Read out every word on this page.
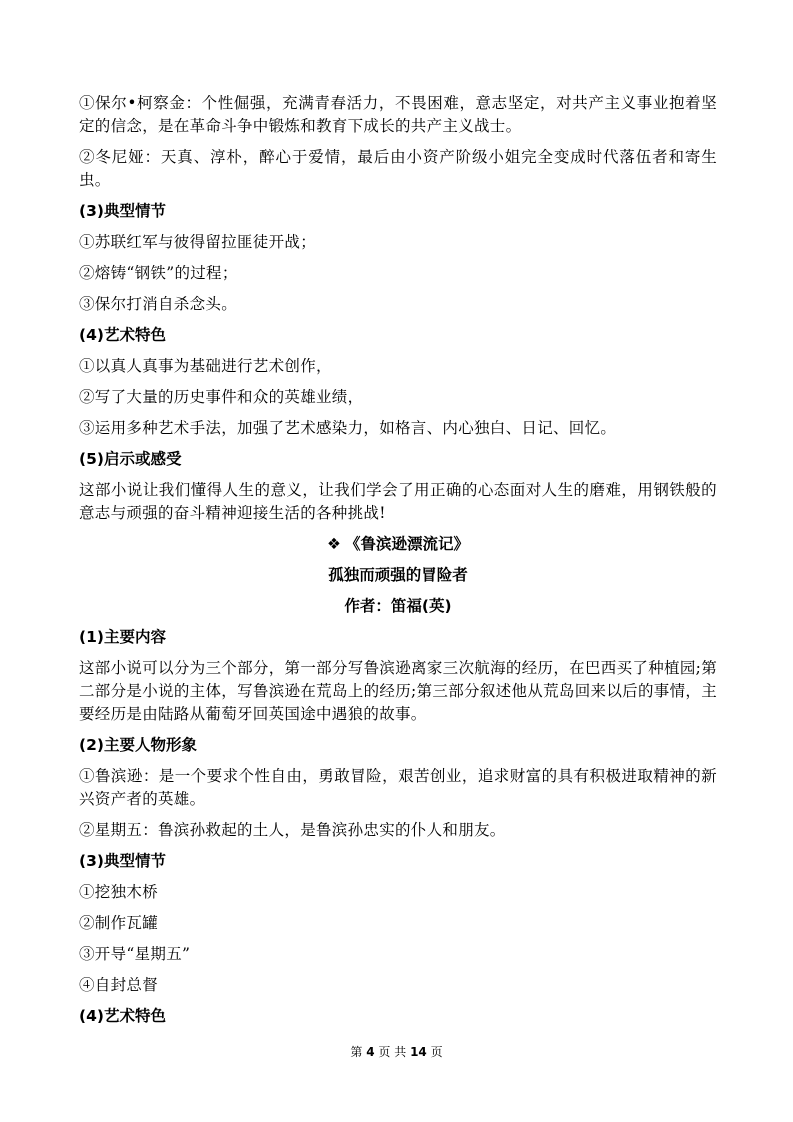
①保尔•柯察金：个性倔强，充满青春活力，不畏困难，意志坚定，对共产主义事业抱着坚定的信念，是在革命斗争中锻炼和教育下成长的共产主义战士。

②冬尼娅：天真、淳朴，醉心于爱情，最后由小资产阶级小姐完全变成时代落伍者和寄生虫。

(3)典型情节

①苏联红军与彼得留拉匪徒开战；

②熔铸“钢铁”的过程；

③保尔打消自杀念头。

(4)艺术特色

①以真人真事为基础进行艺术创作，

②写了大量的历史事件和众的英雄业绩，

③运用多种艺术手法，加强了艺术感染力，如格言、内心独白、日记、回忆。

(5)启示或感受

这部小说让我们懂得人生的意义，让我们学会了用正确的心态面对人生的磨难，用钢铁般的意志与顽强的奋斗精神迎接生活的各种挑战!

❖ 《鲁滨逊漂流记》

孤独而顽强的冒险者

作者：笛福(英)

(1)主要内容

这部小说可以分为三个部分，第一部分写鲁滨逊离家三次航海的经历，在巴西买了种植园;第二部分是小说的主体，写鲁滨逊在荒岛上的经历;第三部分叙述他从荒岛回来以后的事情，主要经历是由陆路从葡萄牙回英国途中遇狼的故事。

(2)主要人物形象

①鲁滨逊：是一个要求个性自由，勇敢冒险，艰苦创业，追求财富的具有积极进取精神的新兴资产者的英雄。

②星期五：鲁滨孙救起的土人，是鲁滨孙忠实的仆人和朋友。

(3)典型情节

①挖独木桥

②制作瓦罐

③开导“星期五”

④自封总督

(4)艺术特色

第 4 页 共 14 页
